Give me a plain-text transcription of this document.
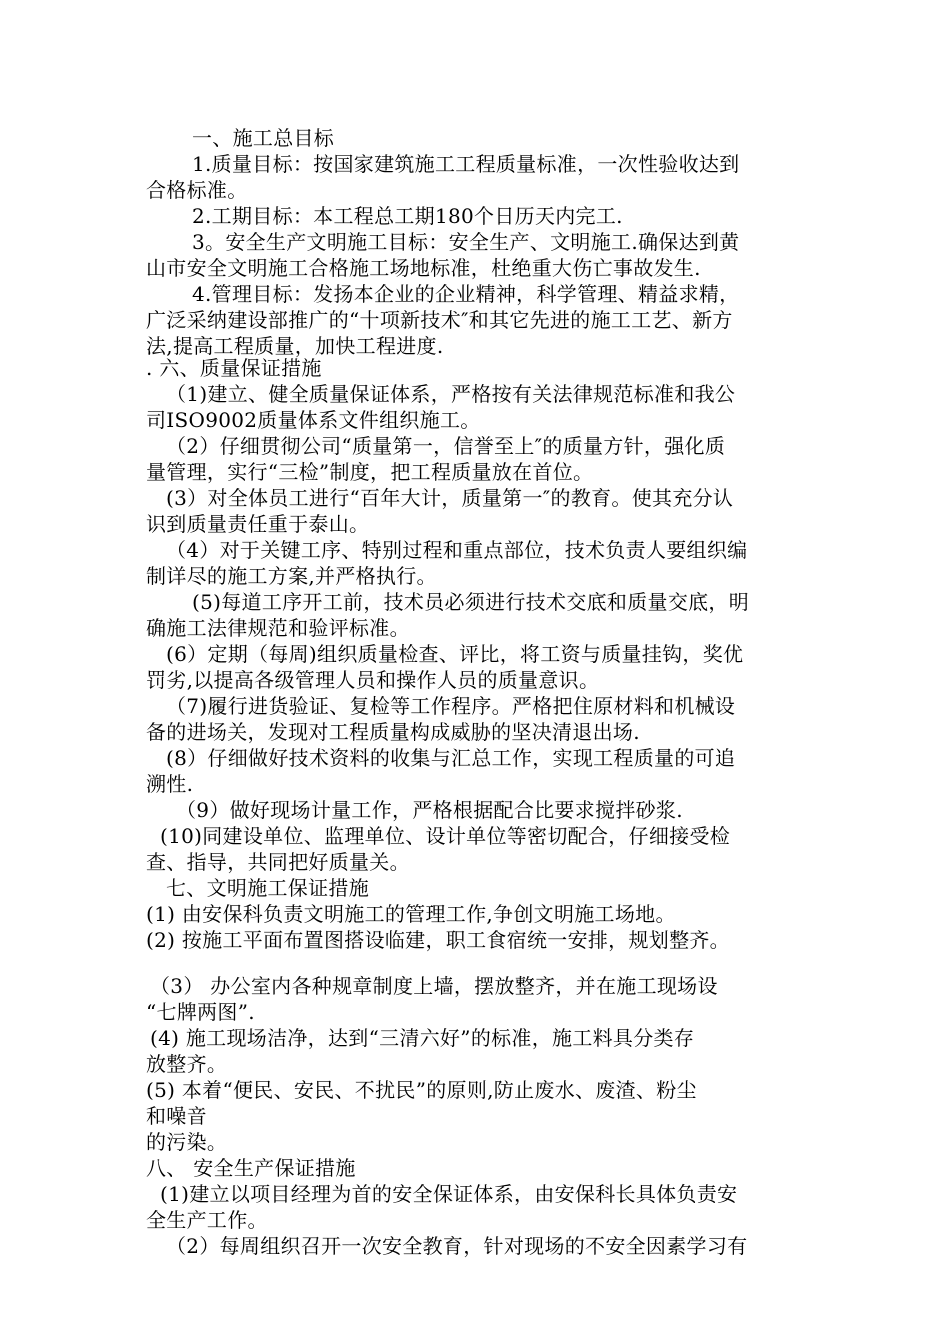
一、施工总目标
1.质量目标：按国家建筑施工工程质量标准，一次性验收达到
合格标准。
2.工期目标：本工程总工期180个日历天内完工.
3。安全生产文明施工目标：安全生产、文明施工.确保达到黄
山市安全文明施工合格施工场地标准，杜绝重大伤亡事故发生.
4.管理目标：发扬本企业的企业精神，科学管理、精益求精，
广泛采纳建设部推广的“十项新技术″和其它先进的施工工艺、新方
法,提高工程质量，加快工程进度.
. 六、质量保证措施
（1)建立、健全质量保证体系，严格按有关法律规范标准和我公
司ISO9002质量体系文件组织施工。
（2）仔细贯彻公司“质量第一，信誉至上″的质量方针，强化质
量管理，实行“三检”制度，把工程质量放在首位。
(3）对全体员工进行“百年大计，质量第一″的教育。使其充分认
识到质量责任重于泰山。
（4）对于关键工序、特别过程和重点部位，技术负责人要组织编
制详尽的施工方案,并严格执行。
(5)每道工序开工前，技术员必须进行技术交底和质量交底，明
确施工法律规范和验评标准。
(6）定期（每周)组织质量检查、评比，将工资与质量挂钩，奖优
罚劣,以提高各级管理人员和操作人员的质量意识。
（7)履行进货验证、复检等工作程序。严格把住原材料和机械设
备的进场关，发现对工程质量构成威胁的坚决清退出场.
(8）仔细做好技术资料的收集与汇总工作，实现工程质量的可追
溯性.
（9）做好现场计量工作，严格根据配合比要求搅拌砂浆.
(10)同建设单位、监理单位、设计单位等密切配合，仔细接受检
查、指导，共同把好质量关。
七、文明施工保证措施
(1) 由安保科负责文明施工的管理工作,争创文明施工场地。
(2) 按施工平面布置图搭设临建，职工食宿统一安排，规划整齐。
（3） 办公室内各种规章制度上墙，摆放整齐，并在施工现场设
“七牌两图”.
(4) 施工现场洁净，达到“三清六好”的标准，施工料具分类存
放整齐。
(5) 本着“便民、安民、不扰民”的原则,防止废水、废渣、粉尘
和噪音
的污染。
八、 安全生产保证措施
(1)建立以项目经理为首的安全保证体系，由安保科长具体负责安
全生产工作。
（2）每周组织召开一次安全教育，针对现场的不安全因素学习有
